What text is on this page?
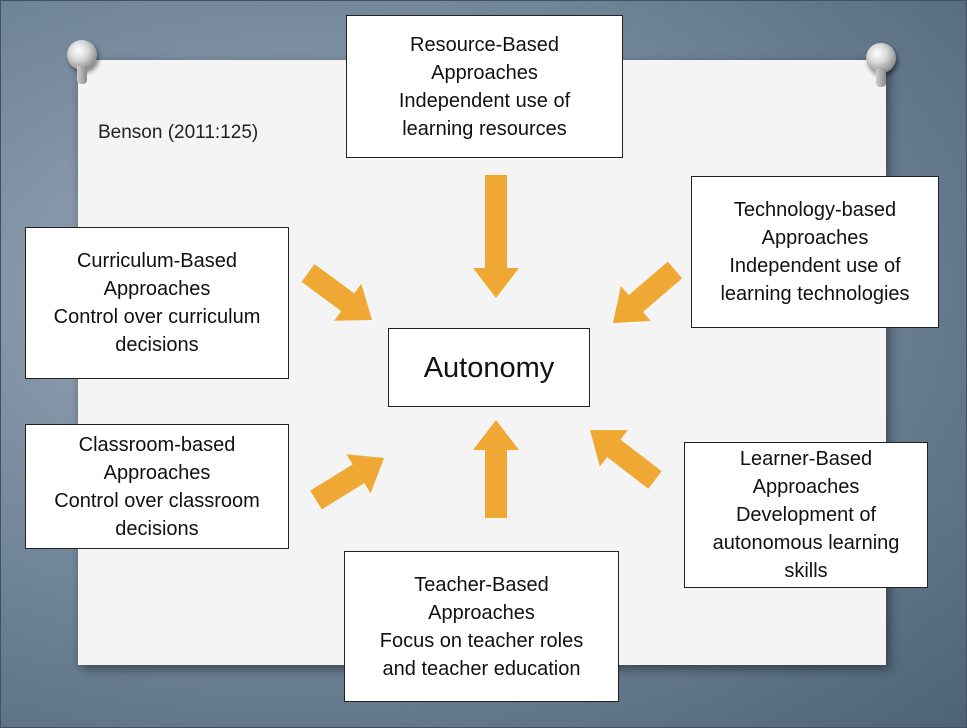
Benson (2011:125)
Resource-Based
Approaches
Independent use of
learning resources
Technology-based
Approaches
Independent use of
learning technologies
Curriculum-Based
Approaches
Control over curriculum
decisions
Autonomy
Classroom-based
Approaches
Control over classroom
decisions
Learner-Based
Approaches
Development of
autonomous learning
skills
Teacher-Based
Approaches
Focus on teacher roles
and teacher education
